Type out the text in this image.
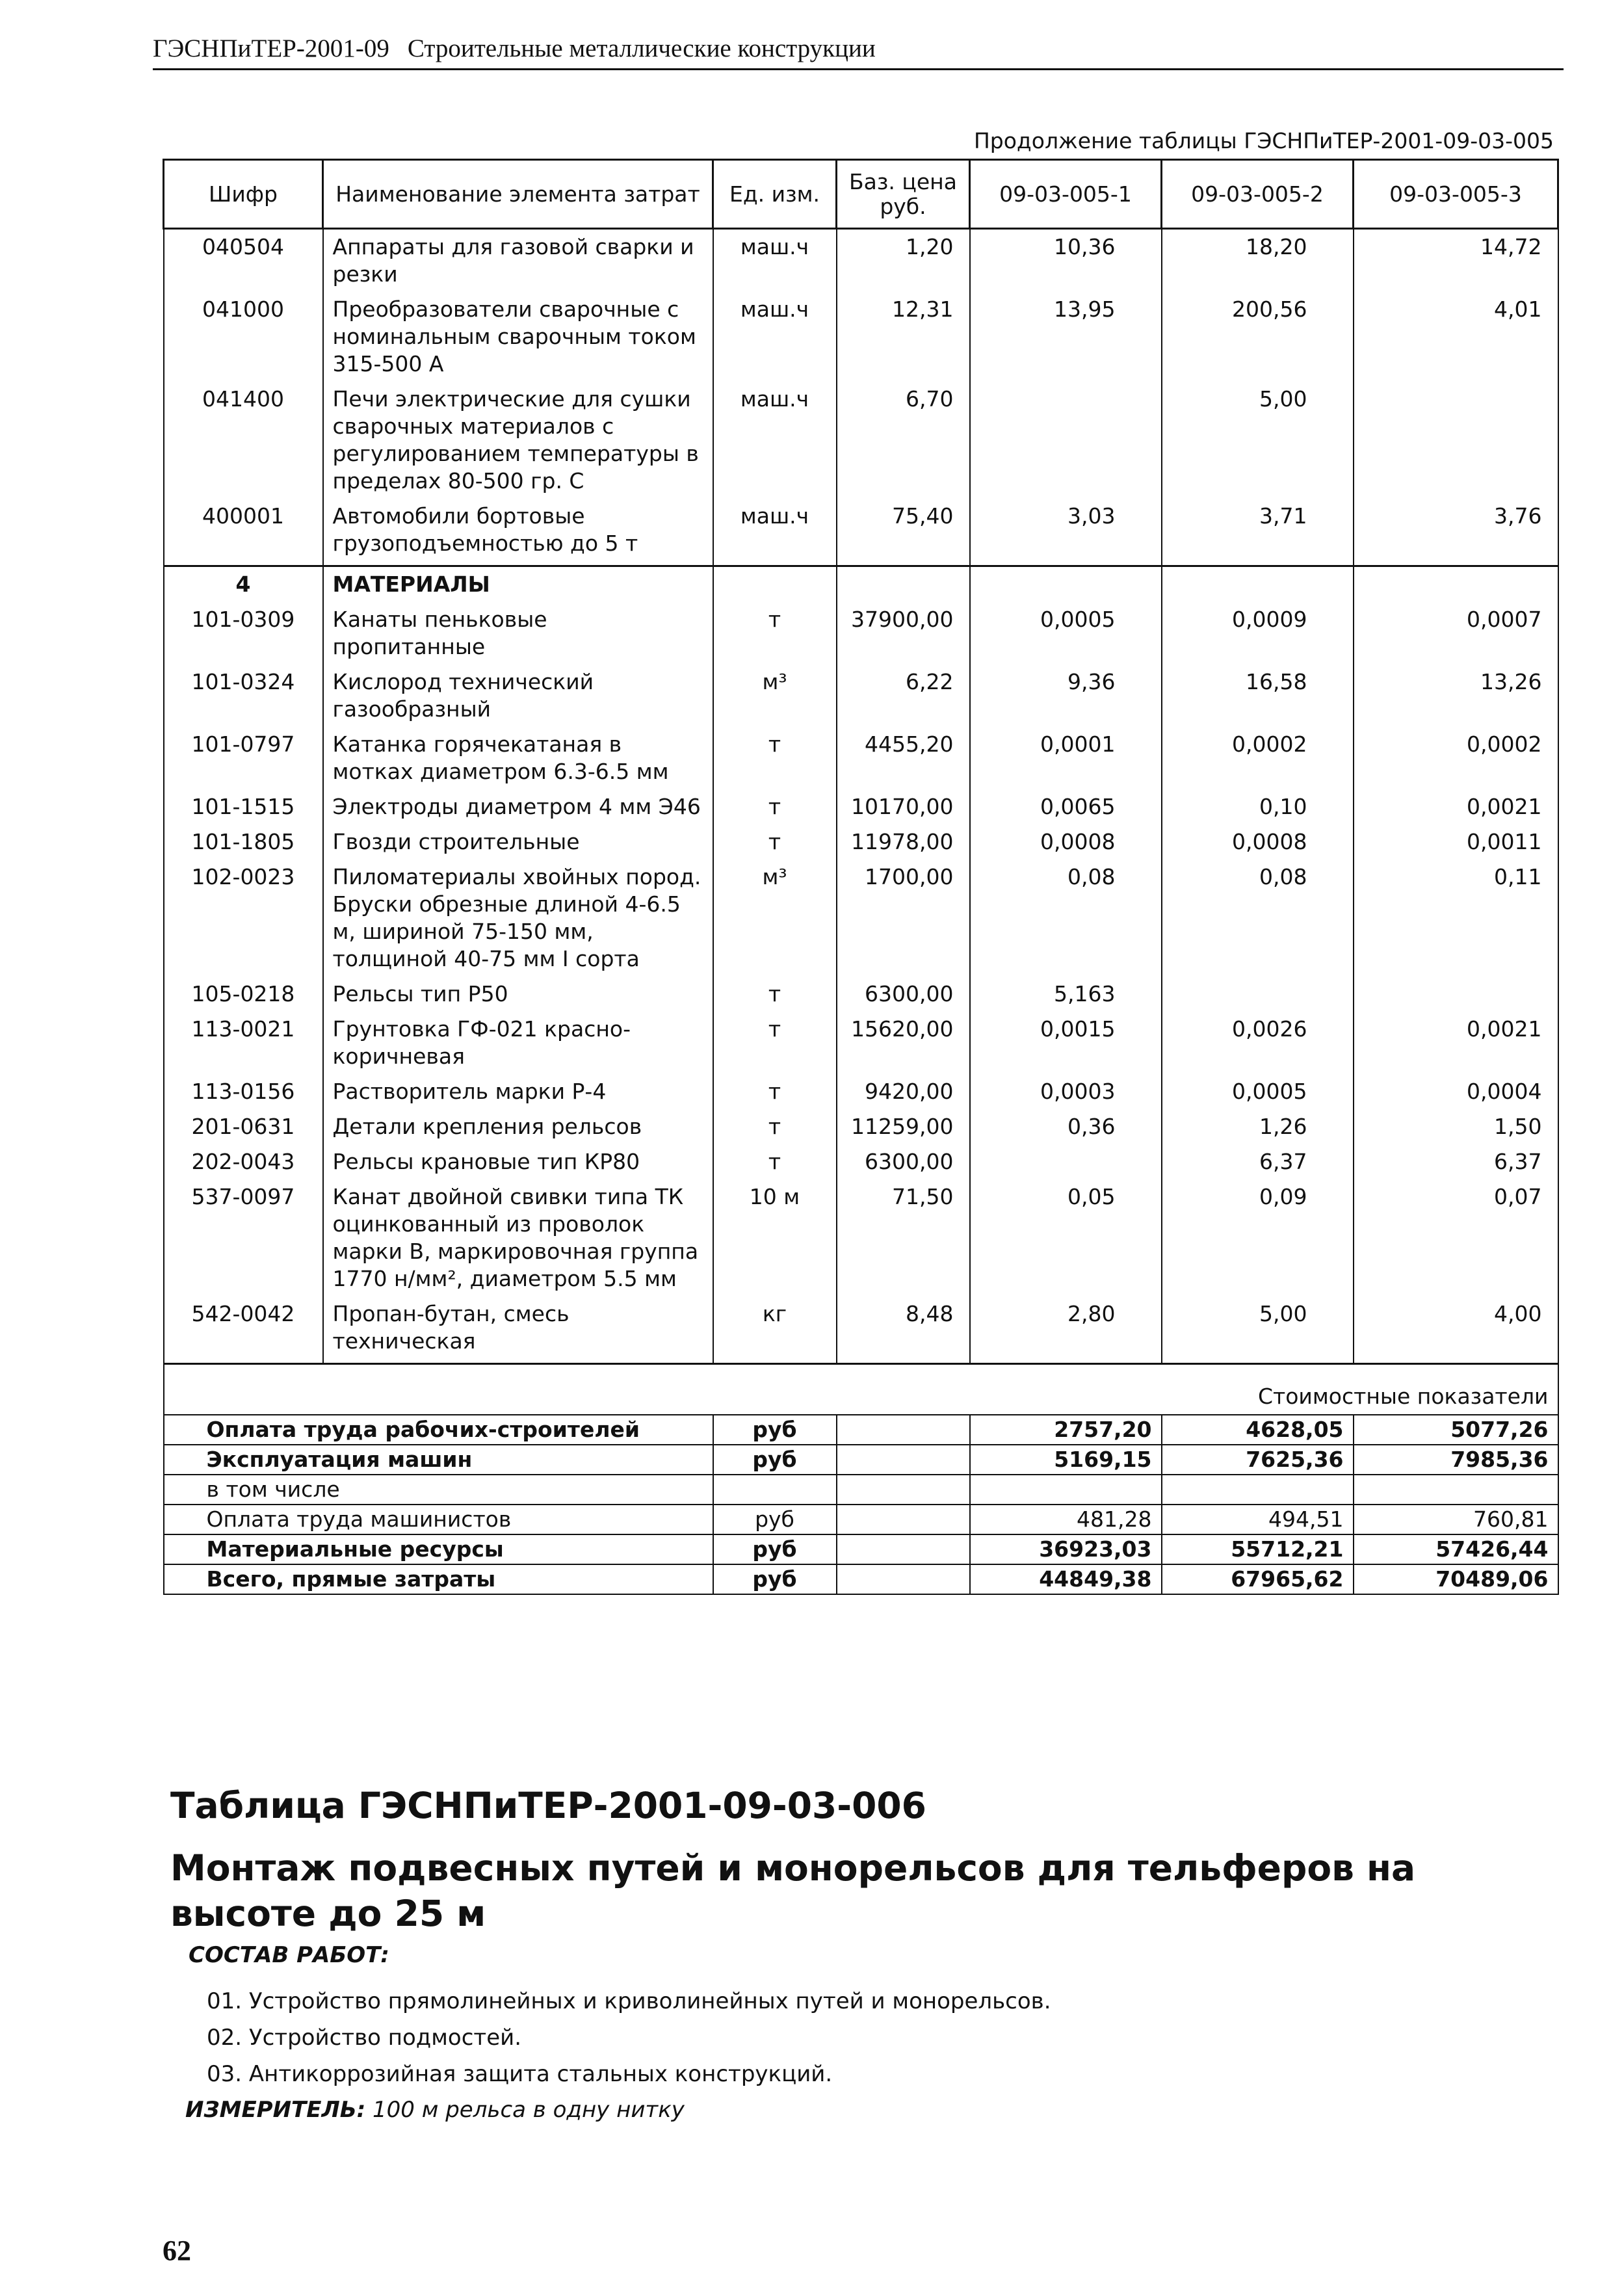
ГЭСНПиТЕР-2001-09 Строительные металлические конструкции
Продолжение таблицы ГЭСНПиТЕР-2001-09-03-005
Шифр	Наименование элемента затрат	Ед. изм.	Баз. цена руб.	09-03-005-1	09-03-005-2	09-03-005-3
040504	Аппараты для газовой сварки и резки	маш.ч	1,20	10,36	18,20	14,72
041000	Преобразователи сварочные с номинальным сварочным током 315-500 А	маш.ч	12,31	13,95	200,56	4,01
041400	Печи электрические для сушки сварочных материалов с регулированием температуры в пределах 80-500 гр. С	маш.ч	6,70		5,00	
400001	Автомобили бортовые грузоподъемностью до 5 т	маш.ч	75,40	3,03	3,71	3,76
4	МАТЕРИАЛЫ					
101-0309	Канаты пеньковые пропитанные	т	37900,00	0,0005	0,0009	0,0007
101-0324	Кислород технический газообразный	м³	6,22	9,36	16,58	13,26
101-0797	Катанка горячекатаная в мотках диаметром 6.3-6.5 мм	т	4455,20	0,0001	0,0002	0,0002
101-1515	Электроды диаметром 4 мм Э46	т	10170,00	0,0065	0,10	0,0021
101-1805	Гвозди строительные	т	11978,00	0,0008	0,0008	0,0011
102-0023	Пиломатериалы хвойных пород. Бруски обрезные длиной 4-6.5 м, шириной 75-150 мм, толщиной 40-75 мм I сорта	м³	1700,00	0,08	0,08	0,11
105-0218	Рельсы тип Р50	т	6300,00	5,163		
113-0021	Грунтовка ГФ-021 красно-коричневая	т	15620,00	0,0015	0,0026	0,0021
113-0156	Растворитель марки Р-4	т	9420,00	0,0003	0,0005	0,0004
201-0631	Детали крепления рельсов	т	11259,00	0,36	1,26	1,50
202-0043	Рельсы крановые тип КР80	т	6300,00		6,37	6,37
537-0097	Канат двойной свивки типа ТК оцинкованный из проволок марки В, маркировочная группа 1770 н/мм², диаметром 5.5 мм	10 м	71,50	0,05	0,09	0,07
542-0042	Пропан-бутан, смесь техническая	кг	8,48	2,80	5,00	4,00
Стоимостные показатели						
Оплата труда рабочих-строителей		руб		2757,20	4628,05	5077,26
Эксплуатация машин		руб		5169,15	7625,36	7985,36
в том числе						
Оплата труда машинистов		руб		481,28	494,51	760,81
Материальные ресурсы		руб		36923,03	55712,21	57426,44
Всего, прямые затраты		руб		44849,38	67965,62	70489,06
Таблица ГЭСНПиТЕР-2001-09-03-006
Монтаж подвесных путей и монорельсов для тельферов на высоте до 25 м
СОСТАВ РАБОТ:
01. Устройство прямолинейных и криволинейных путей и монорельсов.
02. Устройство подмостей.
03. Антикоррозийная защита стальных конструкций.
ИЗМЕРИТЕЛЬ: 100 м рельса в одну нитку
62
